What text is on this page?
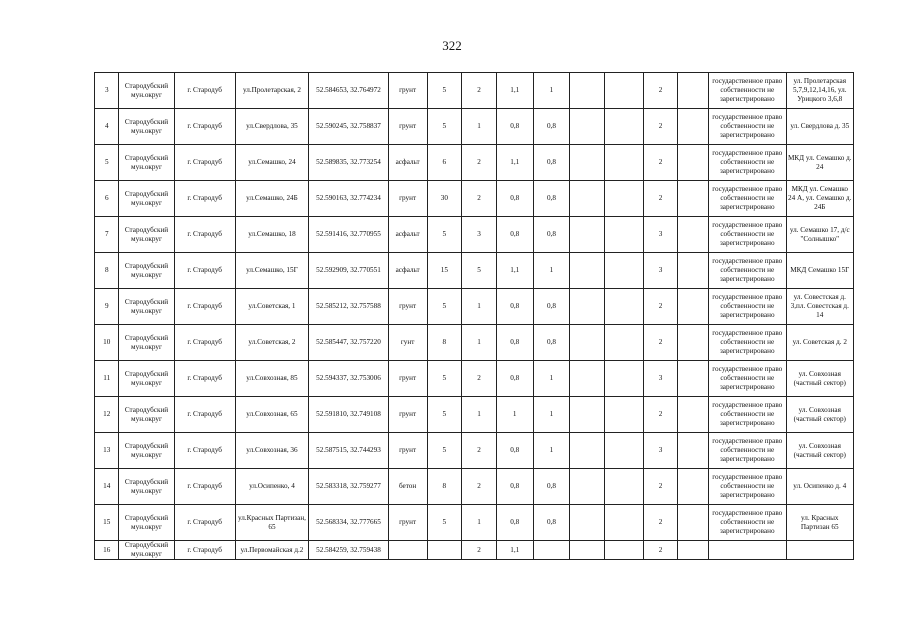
322
3	Стародубский мун.округ	г. Стародуб	ул.Пролетарская, 2	52.584653, 32.764972	грунт	5	2	1,1	1			2		государственное право собственности не зарегистрировано	ул. Пролетарская 5,7,9,12,14,16, ул. Урицкого 3,6,8
4	Стародубский мун.округ	г. Стародуб	ул.Свердлова, 35	52.590245, 32.758837	грунт	5	1	0,8	0,8			2		государственное право собственности не зарегистрировано	ул. Свердлова д. 35
5	Стародубский мун.округ	г. Стародуб	ул.Семашко, 24	52.589835, 32.773254	асфальт	6	2	1,1	0,8			2		государственное право собственности не зарегистрировано	МКД ул. Семашко д. 24
6	Стародубский мун.округ	г. Стародуб	ул.Семашко, 24Б	52.590163, 32.774234	грунт	30	2	0,8	0,8			2		государственное право собственности не зарегистрировано	МКД ул. Семашко 24 А, ул. Семашко д. 24Б
7	Стародубский мун.округ	г. Стародуб	ул.Семашко, 18	52.591416, 32.770955	асфальт	5	3	0,8	0,8			3		государственное право собственности не зарегистрировано	ул. Семашко 17, д/с "Солнышко"
8	Стародубский мун.округ	г. Стародуб	ул.Семашко, 15Г	52.592909, 32.770551	асфальт	15	5	1,1	1			3		государственное право собственности не зарегистрировано	МКД Семашко 15Г
9	Стародубский мун.округ	г. Стародуб	ул.Советская, 1	52.585212, 32.757588	грунт	5	1	0,8	0,8			2		государственное право собственности не зарегистрировано	ул. Совестская д. 3,пл. Совестская д. 14
10	Стародубский мун.округ	г. Стародуб	ул.Советская, 2	52.585447, 32.757220	гунт	8	1	0,8	0,8			2		государственное право собственности не зарегистрировано	ул. Советская д. 2
11	Стародубский мун.округ	г. Стародуб	ул.Совхозная, 85	52.594337, 32.753006	грунт	5	2	0,8	1			3		государственное право собственности не зарегистрировано	ул. Совхозная (частный сектор)
12	Стародубский мун.округ	г. Стародуб	ул.Совхозная, 65	52.591810, 32.749108	грунт	5	1	1	1			2		государственное право собственности не зарегистрировано	ул. Совхозная (частный сектор)
13	Стародубский мун.округ	г. Стародуб	ул.Совхозная, 36	52.587515, 32.744293	грунт	5	2	0,8	1			3		государственное право собственности не зарегистрировано	ул. Совхозная (частный сектор)
14	Стародубский мун.округ	г. Стародуб	ул.Осипенко, 4	52.583318, 32.759277	бетон	8	2	0,8	0,8			2		государственное право собственности не зарегистрировано	ул. Осипенко д. 4
15	Стародубский мун.округ	г. Стародуб	ул.Красных Партизан, 65	52.568334, 32.777665	грунт	5	1	0,8	0,8			2		государственное право собственности не зарегистрировано	ул. Красных Партизан 65
16	Стародубский мун.округ	г. Стародуб	ул.Первомайская д.2	52.584259, 32.759438			2	1,1				2			
